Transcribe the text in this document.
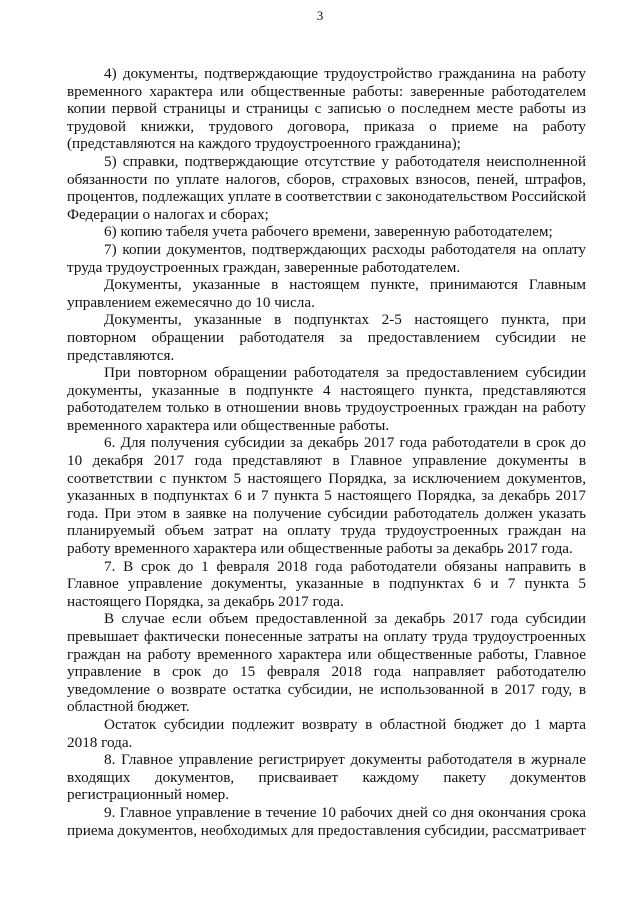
3

4) документы, подтверждающие трудоустройство гражданина на работу временного характера или общественные работы: заверенные работодателем копии первой страницы и страницы с записью о последнем месте работы из трудовой книжки, трудового договора, приказа о приеме на работу (представляются на каждого трудоустроенного гражданина);

5) справки, подтверждающие отсутствие у работодателя неисполненной обязанности по уплате налогов, сборов, страховых взносов, пеней, штрафов, процентов, подлежащих уплате в соответствии с законодательством Российской Федерации о налогах и сборах;

6) копию табеля учета рабочего времени, заверенную работодателем;

7) копии документов, подтверждающих расходы работодателя на оплату труда трудоустроенных граждан, заверенные работодателем.

Документы, указанные в настоящем пункте, принимаются Главным управлением ежемесячно до 10 числа.

Документы, указанные в подпунктах 2-5 настоящего пункта, при повторном обращении работодателя за предоставлением субсидии не представляются.

При повторном обращении работодателя за предоставлением субсидии документы, указанные в подпункте 4 настоящего пункта, представляются работодателем только в отношении вновь трудоустроенных граждан на работу временного характера или общественные работы.

6. Для получения субсидии за декабрь 2017 года работодатели в срок до 10 декабря 2017 года представляют в Главное управление документы в соответствии с пунктом 5 настоящего Порядка, за исключением документов, указанных в подпунктах 6 и 7 пункта 5 настоящего Порядка, за декабрь 2017 года. При этом в заявке на получение субсидии работодатель должен указать планируемый объем затрат на оплату труда трудоустроенных граждан на работу временного характера или общественные работы за декабрь 2017 года.

7. В срок до 1 февраля 2018 года работодатели обязаны направить в Главное управление документы, указанные в подпунктах 6 и 7 пункта 5 настоящего Порядка, за декабрь 2017 года.

В случае если объем предоставленной за декабрь 2017 года субсидии превышает фактически понесенные затраты на оплату труда трудоустроенных граждан на работу временного характера или общественные работы, Главное управление в срок до 15 февраля 2018 года направляет работодателю уведомление о возврате остатка субсидии, не использованной в 2017 году, в областной бюджет.

Остаток субсидии подлежит возврату в областной бюджет до 1 марта 2018 года.

8. Главное управление регистрирует документы работодателя в журнале входящих документов, присваивает каждому пакету документов регистрационный номер.

9. Главное управление в течение 10 рабочих дней со дня окончания срока приема документов, необходимых для предоставления субсидии, рассматривает
